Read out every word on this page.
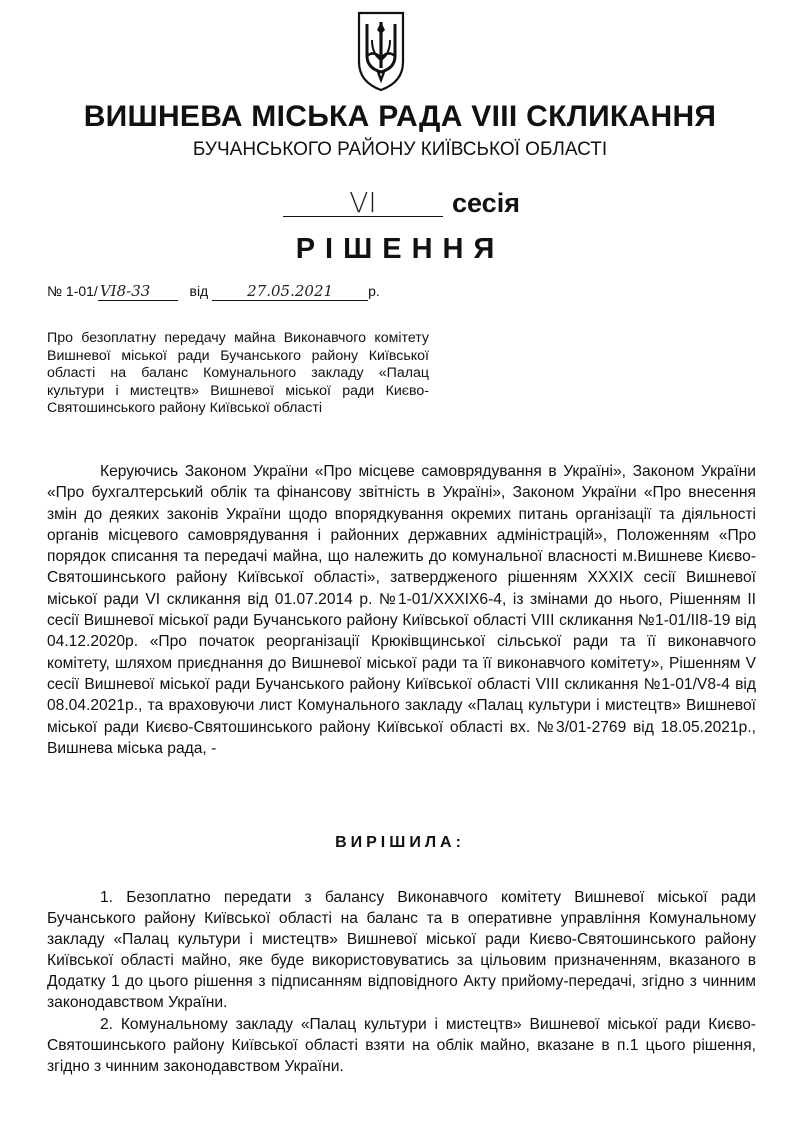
ВИШНЕВА МІСЬКА РАДА VIII СКЛИКАННЯ
БУЧАНСЬКОГО РАЙОНУ КИЇВСЬКОЇ ОБЛАСТІ
VI	сесія
РІШЕННЯ
№ 1-01/ VI8-33	від	27.05.2021	р.
Про безоплатну передачу майна Виконавчого комітету Вишневої міської ради Бучанського району Київської області на баланс Комунального закладу «Палац культури і мистецтв» Вишневої міської ради Києво-Святошинського району Київської області
Керуючись Законом України «Про місцеве самоврядування в Україні», Законом України «Про бухгалтерський облік та фінансову звітність в Україні», Законом України «Про внесення змін до деяких законів України щодо впорядкування окремих питань організації та діяльності органів місцевого самоврядування і районних державних адміністрацій», Положенням «Про порядок списання та передачі майна, що належить до комунальної власності м.Вишневе Києво-Святошинського району Київської області», затвердженого рішенням XXXIX сесії Вишневої міської ради VI скликання від 01.07.2014 р. №1-01/XXXIX6-4, із змінами до нього, Рішенням II сесії Вишневої міської ради Бучанського району Київської області VIII скликання №1-01/II8-19 від 04.12.2020р. «Про початок реорганізації Крюківщинської сільської ради та її виконавчого комітету, шляхом приєднання до Вишневої міської ради та її виконавчого комітету», Рішенням V сесії Вишневої міської ради Бучанського району Київської області VIII скликання №1-01/V8-4 від 08.04.2021р., та враховуючи лист Комунального закладу «Палац культури і мистецтв» Вишневої міської ради Києво-Святошинського району Київської області вх. №3/01-2769 від 18.05.2021р., Вишнева міська рада, -
ВИРІШИЛА:
1. Безоплатно передати з балансу Виконавчого комітету Вишневої міської ради Бучанського району Київської області на баланс та в оперативне управління Комунальному закладу «Палац культури і мистецтв» Вишневої міської ради Києво-Святошинського району Київської області майно, яке буде використовуватись за цільовим призначенням, вказаного в Додатку 1 до цього рішення з підписанням відповідного Акту прийому-передачі, згідно з чинним законодавством України.
2. Комунальному закладу «Палац культури і мистецтв» Вишневої міської ради Києво-Святошинського району Київської області взяти на облік майно, вказане в п.1 цього рішення, згідно з чинним законодавством України.
